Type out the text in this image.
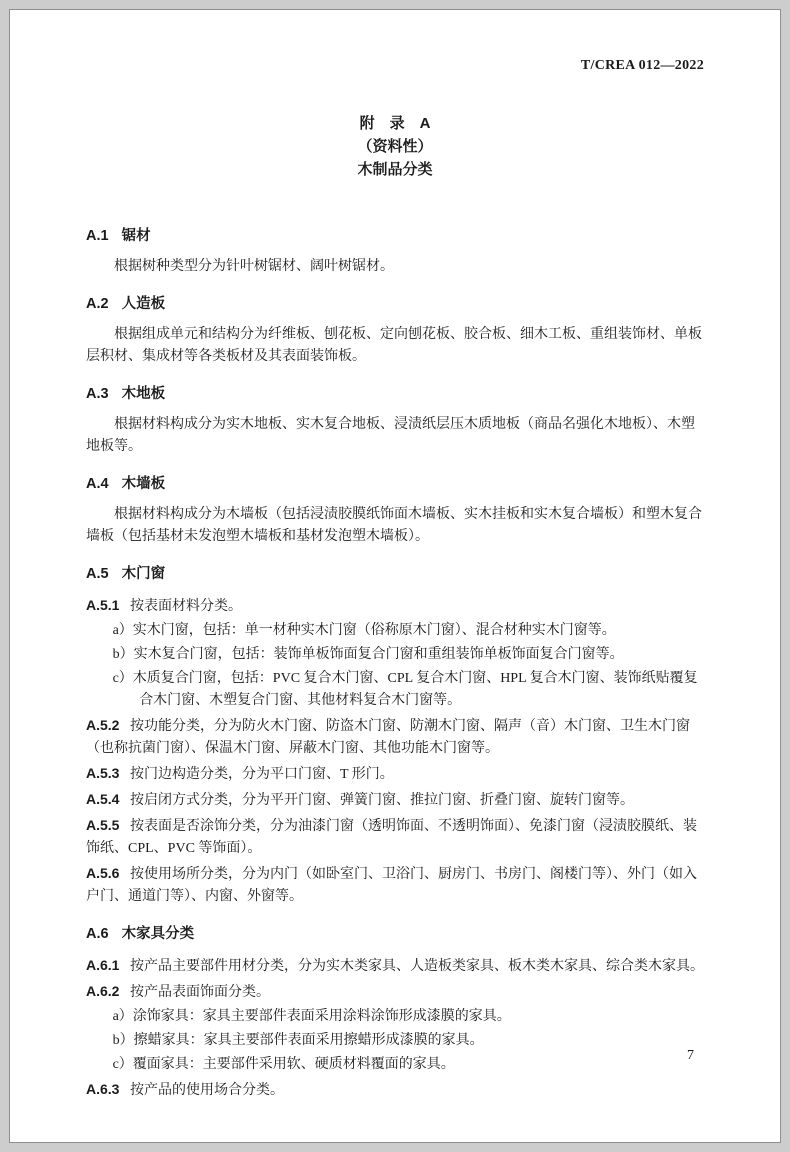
T/CREA 012—2022
附　录　A
（资料性）
木制品分类
A.1 锯材

根据树种类型分为针叶树锯材、阔叶树锯材。

A.2 人造板

根据组成单元和结构分为纤维板、刨花板、定向刨花板、胶合板、细木工板、重组装饰材、单板层积材、集成材等各类板材及其表面装饰板。

A.3 木地板

根据材料构成分为实木地板、实木复合地板、浸渍纸层压木质地板（商品名强化木地板）、木塑地板等。

A.4 木墙板

根据材料构成分为木墙板（包括浸渍胶膜纸饰面木墙板、实木挂板和实木复合墙板）和塑木复合墙板（包括基材未发泡塑木墙板和基材发泡塑木墙板）。

A.5 木门窗

A.5.1 按表面材料分类。

a）实木门窗，包括：单一材种实木门窗（俗称原木门窗）、混合材种实木门窗等。

b）实木复合门窗，包括：装饰单板饰面复合门窗和重组装饰单板饰面复合门窗等。

c）木质复合门窗，包括：PVC 复合木门窗、CPL 复合木门窗、HPL 复合木门窗、装饰纸贴覆复合木门窗、木塑复合门窗、其他材料复合木门窗等。

A.5.2 按功能分类，分为防火木门窗、防盗木门窗、防潮木门窗、隔声（音）木门窗、卫生木门窗（也称抗菌门窗）、保温木门窗、屏蔽木门窗、其他功能木门窗等。

A.5.3 按门边构造分类，分为平口门窗、T 形门。

A.5.4 按启闭方式分类，分为平开门窗、弹簧门窗、推拉门窗、折叠门窗、旋转门窗等。

A.5.5 按表面是否涂饰分类，分为油漆门窗（透明饰面、不透明饰面）、免漆门窗（浸渍胶膜纸、装饰纸、CPL、PVC 等饰面）。

A.5.6 按使用场所分类，分为内门（如卧室门、卫浴门、厨房门、书房门、阁楼门等）、外门（如入户门、通道门等）、内窗、外窗等。

A.6 木家具分类

A.6.1 按产品主要部件用材分类，分为实木类家具、人造板类家具、板木类木家具、综合类木家具。

A.6.2 按产品表面饰面分类。

a）涂饰家具：家具主要部件表面采用涂料涂饰形成漆膜的家具。

b）擦蜡家具：家具主要部件表面采用擦蜡形成漆膜的家具。

c）覆面家具：主要部件采用软、硬质材料覆面的家具。

A.6.3 按产品的使用场合分类。

7
